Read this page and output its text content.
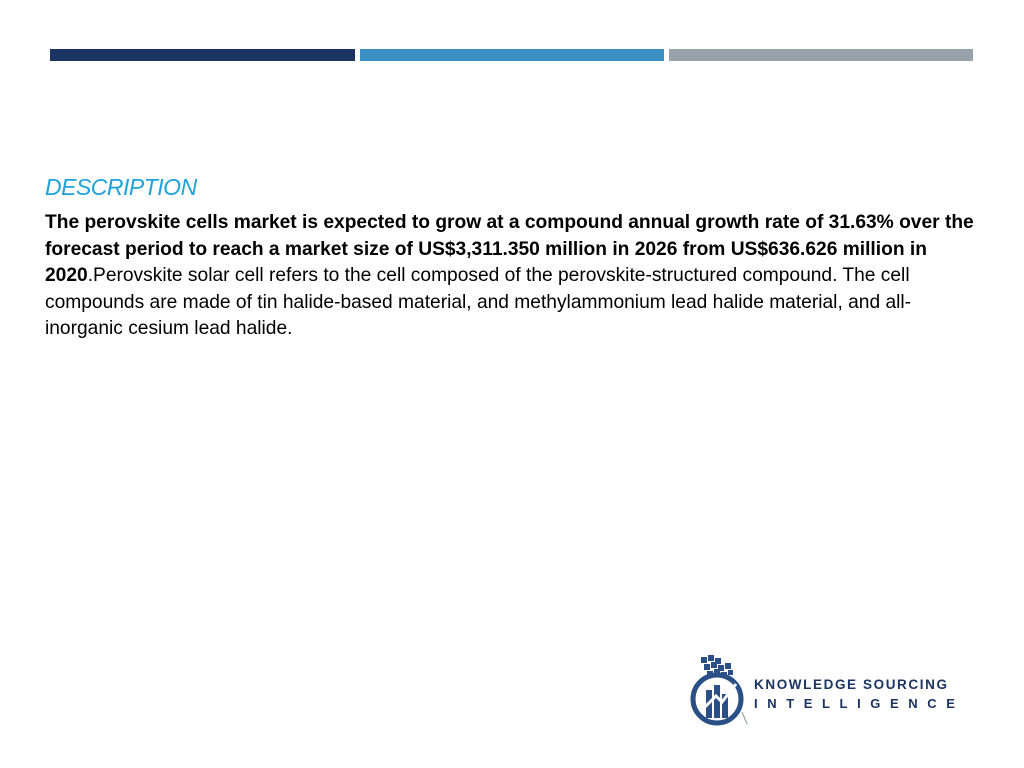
DESCRIPTION
The perovskite cells market is expected to grow at a compound annual growth rate of 31.63% over the forecast period to reach a market size of US$3,311.350 million in 2026 from US$636.626 million in 2020.Perovskite solar cell refers to the cell composed of the perovskite-structured compound. The cell compounds are made of tin halide-based material, and methylammonium lead halide material, and all-inorganic cesium lead halide.
KNOWLEDGE SOURCING
INTELLIGENCE
